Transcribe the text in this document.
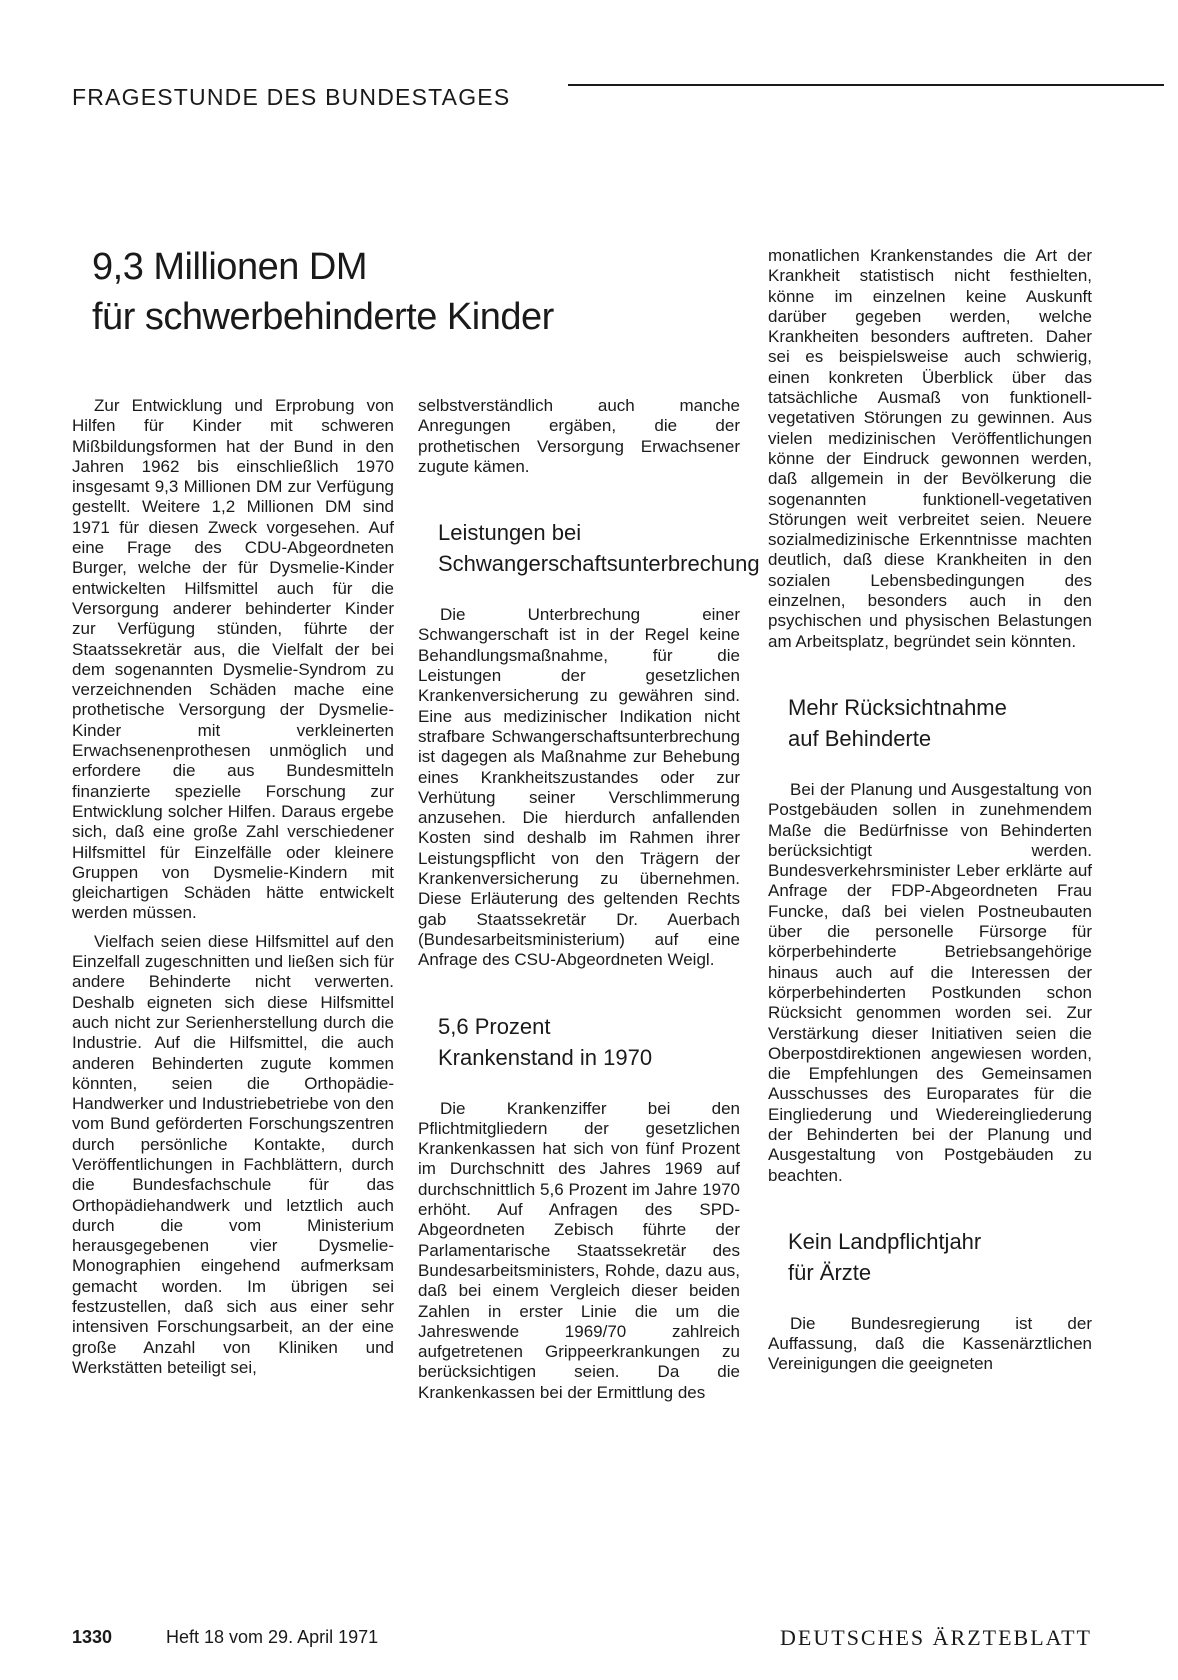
FRAGESTUNDE DES BUNDESTAGES
9,3 Millionen DM
für schwerbehinderte Kinder

Zur Entwicklung und Erprobung von Hilfen für Kinder mit schweren Mißbildungsformen hat der Bund in den Jahren 1962 bis einschließlich 1970 insgesamt 9,3 Millionen DM zur Verfügung gestellt. Weitere 1,2 Millionen DM sind 1971 für diesen Zweck vorgesehen. Auf eine Frage des CDU-Abgeordneten Burger, welche der für Dysmelie-Kinder entwickelten Hilfsmittel auch für die Versorgung anderer behinderter Kinder zur Verfügung stünden, führte der Staatssekretär aus, die Vielfalt der bei dem sogenannten Dysmelie-Syndrom zu verzeichnenden Schäden mache eine prothetische Versorgung der Dysmelie-Kinder mit verkleinerten Erwachsenenprothesen unmöglich und erfordere die aus Bundesmitteln finanzierte spezielle Forschung zur Entwicklung solcher Hilfen. Daraus ergebe sich, daß eine große Zahl verschiedener Hilfsmittel für Einzelfälle oder kleinere Gruppen von Dysmelie-Kindern mit gleichartigen Schäden hätte entwickelt werden müssen.

Vielfach seien diese Hilfsmittel auf den Einzelfall zugeschnitten und ließen sich für andere Behinderte nicht verwerten. Deshalb eigneten sich diese Hilfsmittel auch nicht zur Serienherstellung durch die Industrie. Auf die Hilfsmittel, die auch anderen Behinderten zugute kommen könnten, seien die Orthopädie-Handwerker und Industriebetriebe von den vom Bund geförderten Forschungszentren durch persönliche Kontakte, durch Veröffentlichungen in Fachblättern, durch die Bundesfachschule für das Orthopädiehandwerk und letztlich auch durch die vom Ministerium herausgegebenen vier Dysmelie-Monographien eingehend aufmerksam gemacht worden. Im übrigen sei festzustellen, daß sich aus einer sehr intensiven Forschungsarbeit, an der eine große Anzahl von Kliniken und Werkstätten beteiligt sei,

selbstverständlich auch manche Anregungen ergäben, die der prothetischen Versorgung Erwachsener zugute kämen.

Leistungen bei Schwangerschaftsunterbrechung

Die Unterbrechung einer Schwangerschaft ist in der Regel keine Behandlungsmaßnahme, für die Leistungen der gesetzlichen Krankenversicherung zu gewähren sind. Eine aus medizinischer Indikation nicht strafbare Schwangerschaftsunterbrechung ist dagegen als Maßnahme zur Behebung eines Krankheitszustandes oder zur Verhütung seiner Verschlimmerung anzusehen. Die hierdurch anfallenden Kosten sind deshalb im Rahmen ihrer Leistungspflicht von den Trägern der Krankenversicherung zu übernehmen. Diese Erläuterung des geltenden Rechts gab Staatssekretär Dr. Auerbach (Bundesarbeitsministerium) auf eine Anfrage des CSU-Abgeordneten Weigl.

5,6 Prozent
Krankenstand in 1970

Die Krankenziffer bei den Pflichtmitgliedern der gesetzlichen Krankenkassen hat sich von fünf Prozent im Durchschnitt des Jahres 1969 auf durchschnittlich 5,6 Prozent im Jahre 1970 erhöht. Auf Anfragen des SPD-Abgeordneten Zebisch führte der Parlamentarische Staatssekretär des Bundesarbeitsministers, Rohde, dazu aus, daß bei einem Vergleich dieser beiden Zahlen in erster Linie die um die Jahreswende 1969/70 zahlreich aufgetretenen Grippeerkrankungen zu berücksichtigen seien. Da die Krankenkassen bei der Ermittlung des

monatlichen Krankenstandes die Art der Krankheit statistisch nicht festhielten, könne im einzelnen keine Auskunft darüber gegeben werden, welche Krankheiten besonders auftreten. Daher sei es beispielsweise auch schwierig, einen konkreten Überblick über das tatsächliche Ausmaß von funktionell-vegetativen Störungen zu gewinnen. Aus vielen medizinischen Veröffentlichungen könne der Eindruck gewonnen werden, daß allgemein in der Bevölkerung die sogenannten funktionell-vegetativen Störungen weit verbreitet seien. Neuere sozialmedizinische Erkenntnisse machten deutlich, daß diese Krankheiten in den sozialen Lebensbedingungen des einzelnen, besonders auch in den psychischen und physischen Belastungen am Arbeitsplatz, begründet sein könnten.

Mehr Rücksichtnahme
auf Behinderte

Bei der Planung und Ausgestaltung von Postgebäuden sollen in zunehmendem Maße die Bedürfnisse von Behinderten berücksichtigt werden. Bundesverkehrsminister Leber erklärte auf Anfrage der FDP-Abgeordneten Frau Funcke, daß bei vielen Postneubauten über die personelle Fürsorge für körperbehinderte Betriebsangehörige hinaus auch auf die Interessen der körperbehinderten Postkunden schon Rücksicht genommen worden sei. Zur Verstärkung dieser Initiativen seien die Oberpostdirektionen angewiesen worden, die Empfehlungen des Gemeinsamen Ausschusses des Europarates für die Eingliederung und Wiedereingliederung der Behinderten bei der Planung und Ausgestaltung von Postgebäuden zu beachten.

Kein Landpflichtjahr
für Ärzte

Die Bundesregierung ist der Auffassung, daß die Kassenärztlichen Vereinigungen die geeigneten

1330	Heft 18 vom 29. April 1971	DEUTSCHES ÄRZTEBLATT
